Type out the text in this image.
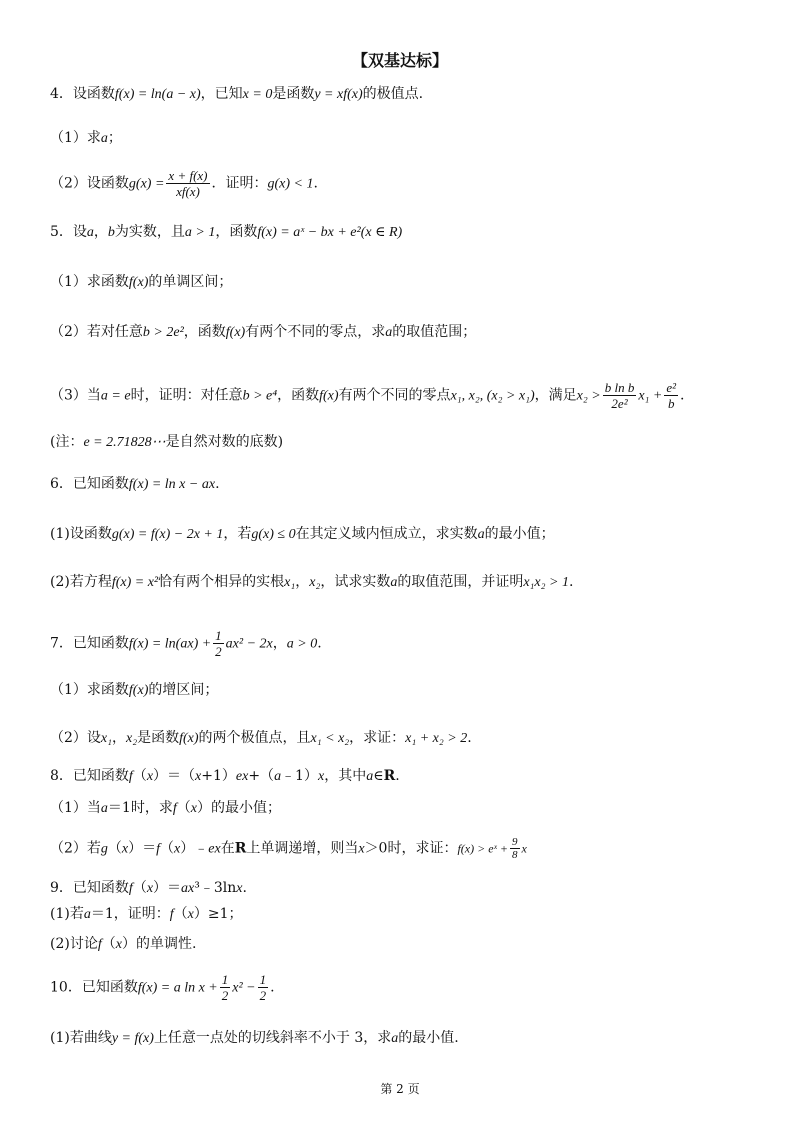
【双基达标】
4．设函数f(x) = ln(a − x)，已知x = 0是函数y = xf(x)的极值点.
（1）求a；
（2）设函数$g(x) = \frac{x + f(x)}{xf(x)}$ ．证明：g(x) < 1.
5．设a，b为实数，且a > 1，函数f(x) = aˣ − bx + e²(x ∈ R)
（1）求函数f(x)的单调区间；
（2）若对任意b > 2e²，函数f(x)有两个不同的零点，求a的取值范围；
（3）当a = e时，证明：对任意b > e⁴，函数f(x)有两个不同的零点x₁, x₂, (x₂ > x₁)，满足$x_2 > \frac{\text{b ln b}}{\text{2e²}} x_1 + \frac{\text{e²}}{b}$ .
(注：e = 2.71828⋯是自然对数的底数)
6．已知函数f(x) = ln x − ax.
(1)设函数g(x) = f(x) − 2x + 1，若g(x) ≤ 0在其定义域内恒成立，求实数a的最小值；
(2)若方程f(x) = x²恰有两个相异的实根x₁，x₂，试求实数a的取值范围，并证明x₁x₂ > 1.
7．已知函数$f(x) = \ln(ax) + \frac{1}{2} ax^2 - 2x$，a > 0.
（1）求函数f(x)的增区间；
（2）设x₁，x₂是函数f(x)的两个极值点，且x₁ < x₂，求证：x₁ + x₂ > 2.
8．已知函数f（x）＝（x+1）ex+（a﹣1）x，其中a∈R.
（1）当a＝1时，求f（x）的最小值；
（2）若g（x）＝f（x）﹣ex在R上单调递增，则当x＞0时，求证：f(x) > eˣ + $\frac{9}{8}$ x
9．已知函数f（x）＝ax³﹣3lnx.
(1)若a＝1，证明：f（x）≥1；
(2)讨论f（x）的单调性.
10．已知函数f(x) = a $\ln x + \frac{1}{2} x^2 - \frac{1}{2}$ .
(1)若曲线y = f(x)上任意一点处的切线斜率不小于 3，求a的最小值.
第 2 页
